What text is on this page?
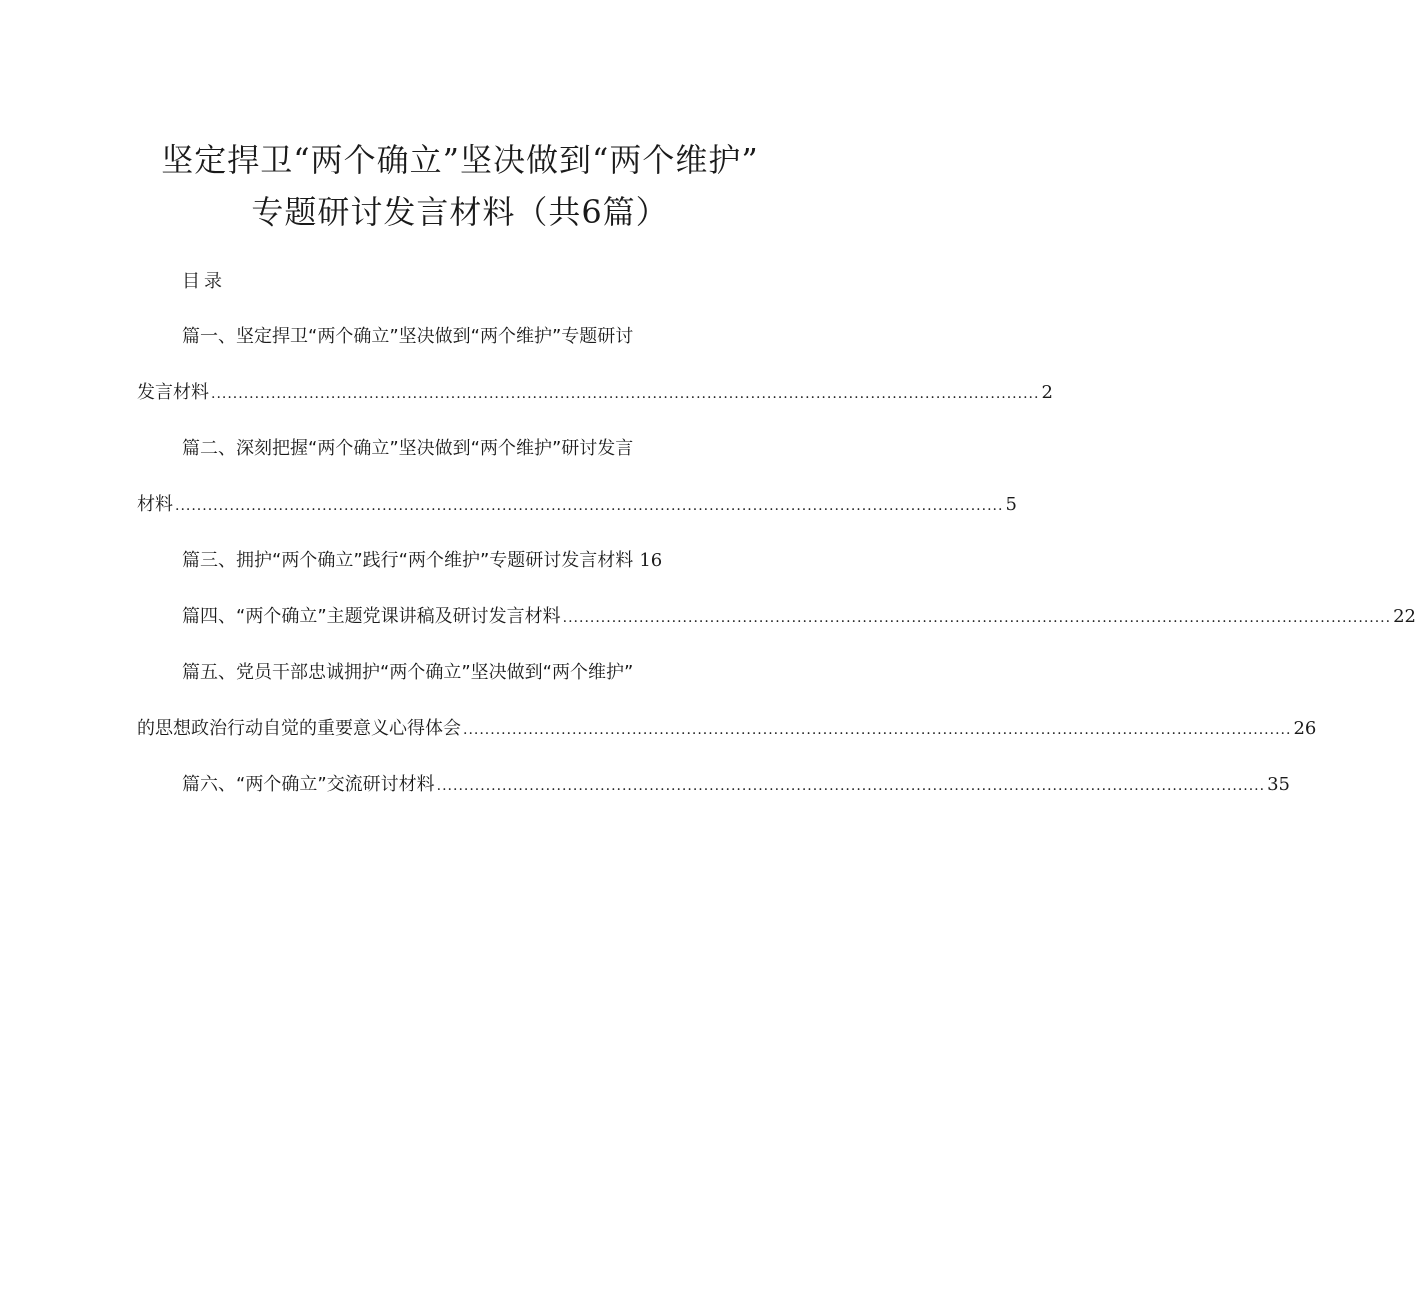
坚定捍卫“两个确立”坚决做到“两个维护”
专题研讨发言材料（共6篇）
目录
篇一、坚定捍卫“两个确立”坚决做到“两个维护”专题研讨
发言材料 ........................................................................................................................................................ 2
篇二、深刻把握“两个确立”坚决做到“两个维护”研讨发言
材料 ........................................................................................................................................................ 5
篇三、拥护“两个确立”践行“两个维护”专题研讨发言材料 16
篇四、“两个确立”主题党课讲稿及研讨发言材料 ........................................................................................................................................................ 22
篇五、党员干部忠诚拥护“两个确立”坚决做到“两个维护”
的思想政治行动自觉的重要意义心得体会 ........................................................................................................................................................ 26
篇六、“两个确立”交流研讨材料 ........................................................................................................................................................ 35
